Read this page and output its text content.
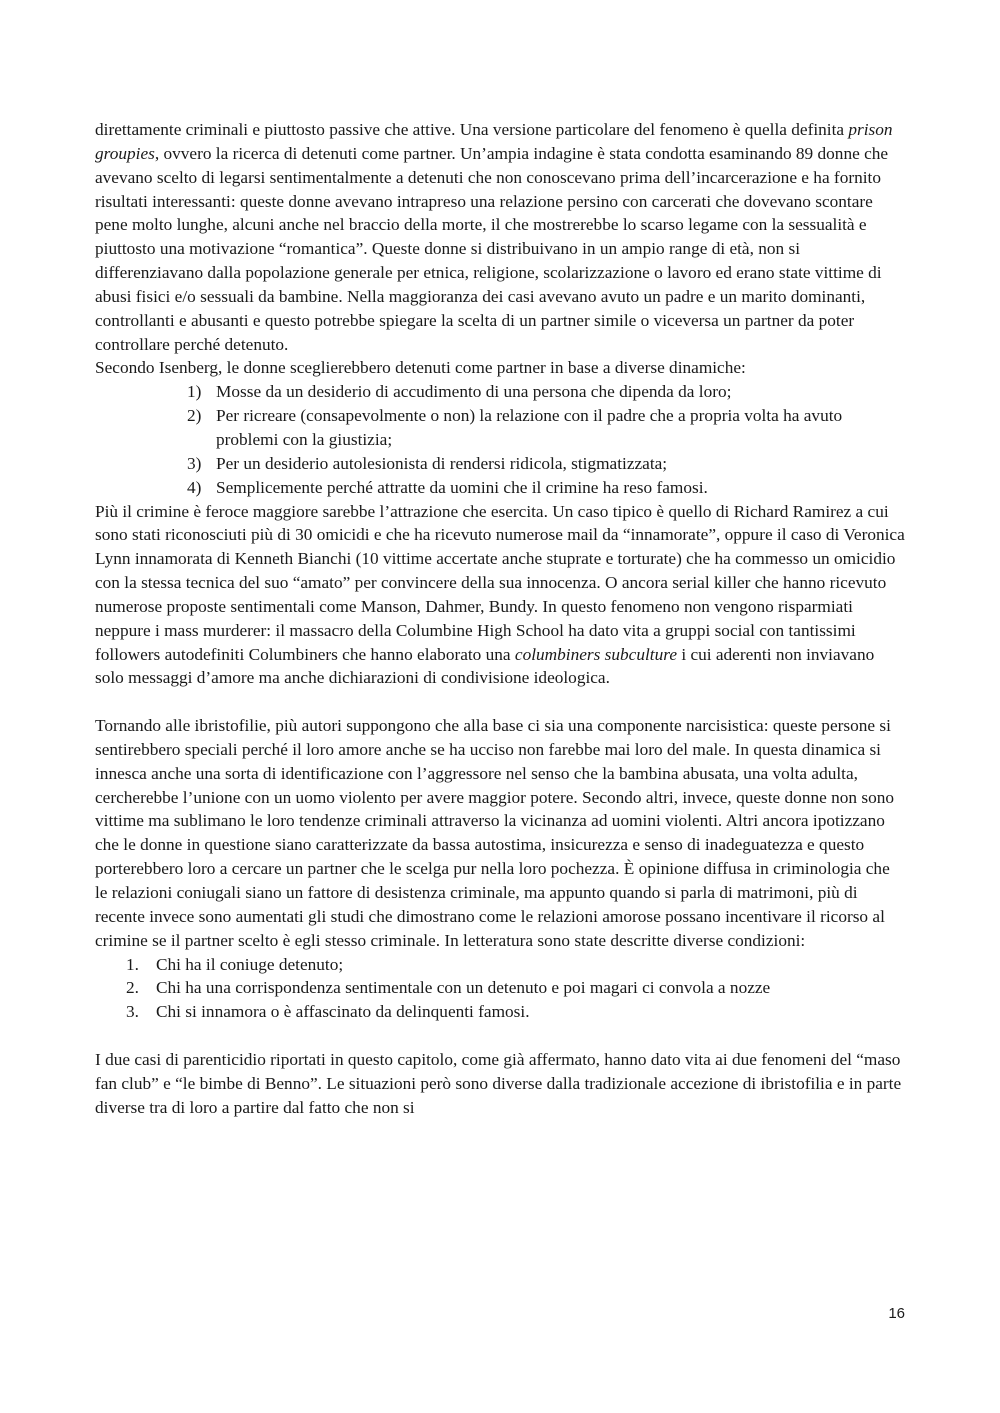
direttamente criminali e piuttosto passive che attive. Una versione particolare del fenomeno è quella definita prison groupies, ovvero la ricerca di detenuti come partner. Un’ampia indagine è stata condotta esaminando 89 donne che avevano scelto di legarsi sentimentalmente a detenuti che non conoscevano prima dell’incarcerazione e ha fornito risultati interessanti: queste donne avevano intrapreso una relazione persino con carcerati che dovevano scontare pene molto lunghe, alcuni anche nel braccio della morte, il che mostrerebbe lo scarso legame con la sessualità e piuttosto una motivazione “romantica”. Queste donne si distribuivano in un ampio range di età, non si differenziavano dalla popolazione generale per etnica, religione, scolarizzazione o lavoro ed erano state vittime di abusi fisici e/o sessuali da bambine. Nella maggioranza dei casi avevano avuto un padre e un marito dominanti, controllanti e abusanti e questo potrebbe spiegare la scelta di un partner simile o viceversa un partner da poter controllare perché detenuto.

Secondo Isenberg, le donne sceglierebbero detenuti come partner in base a diverse dinamiche:

1) Mosse da un desiderio di accudimento di una persona che dipenda da loro;
2) Per ricreare (consapevolmente o non) la relazione con il padre che a propria volta ha avuto problemi con la giustizia;
3) Per un desiderio autolesionista di rendersi ridicola, stigmatizzata;
4) Semplicemente perché attratte da uomini che il crimine ha reso famosi.

Più il crimine è feroce maggiore sarebbe l’attrazione che esercita. Un caso tipico è quello di Richard Ramirez a cui sono stati riconosciuti più di 30 omicidi e che ha ricevuto numerose mail da “innamorate”, oppure il caso di Veronica Lynn innamorata di Kenneth Bianchi (10 vittime accertate anche stuprate e torturate) che ha commesso un omicidio con la stessa tecnica del suo “amato” per convincere della sua innocenza. O ancora serial killer che hanno ricevuto numerose proposte sentimentali come Manson, Dahmer, Bundy. In questo fenomeno non vengono risparmiati neppure i mass murderer: il massacro della Columbine High School ha dato vita a gruppi social con tantissimi followers autodefiniti Columbiners che hanno elaborato una columbiners subculture i cui aderenti non inviavano solo messaggi d’amore ma anche dichiarazioni di condivisione ideologica.

Tornando alle ibristofilie, più autori suppongono che alla base ci sia una componente narcisistica: queste persone si sentirebbero speciali perché il loro amore anche se ha ucciso non farebbe mai loro del male. In questa dinamica si innesca anche una sorta di identificazione con l’aggressore nel senso che la bambina abusata, una volta adulta, cercherebbe l’unione con un uomo violento per avere maggior potere. Secondo altri, invece, queste donne non sono vittime ma sublimano le loro tendenze criminali attraverso la vicinanza ad uomini violenti. Altri ancora ipotizzano che le donne in questione siano caratterizzate da bassa autostima, insicurezza e senso di inadeguatezza e questo porterebbero loro a cercare un partner che le scelga pur nella loro pochezza. È opinione diffusa in criminologia che le relazioni coniugali siano un fattore di desistenza criminale, ma appunto quando si parla di matrimoni, più di recente invece sono aumentati gli studi che dimostrano come le relazioni amorose possano incentivare il ricorso al crimine se il partner scelto è egli stesso criminale. In letteratura sono state descritte diverse condizioni:

1. Chi ha il coniuge detenuto;
2. Chi ha una corrispondenza sentimentale con un detenuto e poi magari ci convola a nozze
3. Chi si innamora o è affascinato da delinquenti famosi.

I due casi di parenticidio riportati in questo capitolo, come già affermato, hanno dato vita ai due fenomeni del “maso fan club” e “le bimbe di Benno”. Le situazioni però sono diverse dalla tradizionale accezione di ibristofilia e in parte diverse tra di loro a partire dal fatto che non si

16
